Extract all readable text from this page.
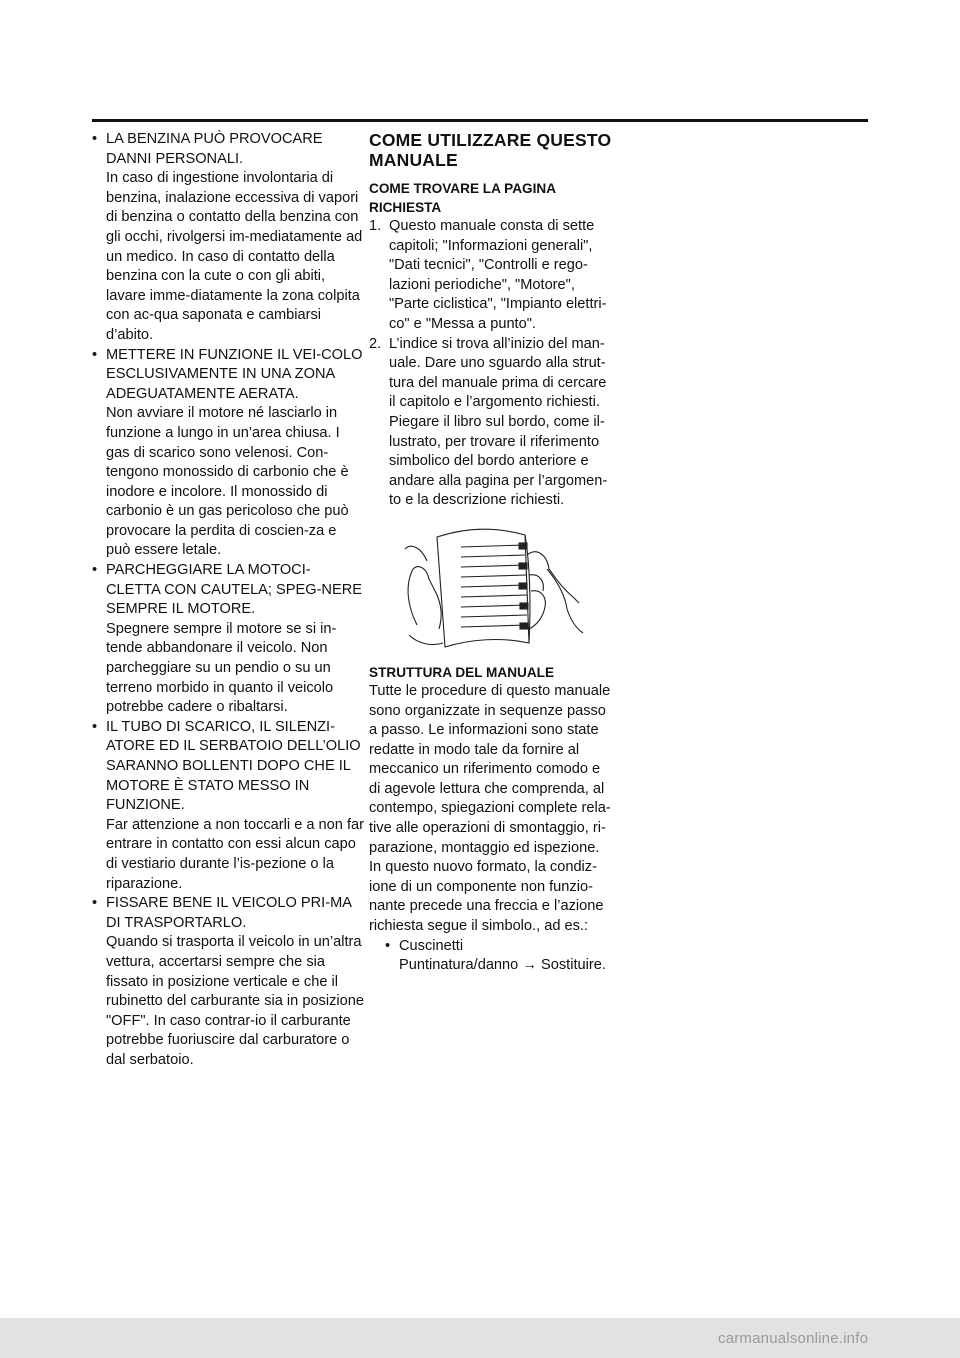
• LA BENZINA PUÒ PROVOCARE DANNI PERSONALI.
In caso di ingestione involontaria di benzina, inalazione eccessiva di vapori di benzina o contatto della benzina con gli occhi, rivolgersi im-mediatamente ad un medico. In caso di contatto della benzina con la cute o con gli abiti, lavare imme-diatamente la zona colpita con ac-qua saponata e cambiarsi d’abito.
• METTERE IN FUNZIONE IL VEI-COLO ESCLUSIVAMENTE IN UNA ZONA ADEGUATAMENTE AERATA.
Non avviare il motore né lasciarlo in funzione a lungo in un’area chiusa. I gas di scarico sono velenosi. Con-tengono monossido di carbonio che è inodore e incolore. Il monossido di carbonio è un gas pericoloso che può provocare la perdita di coscien-za e può essere letale.
• PARCHEGGIARE LA MOTOCI-CLETTA CON CAUTELA; SPEG-NERE SEMPRE IL MOTORE.
Spegnere sempre il motore se si in-tende abbandonare il veicolo. Non parcheggiare su un pendio o su un terreno morbido in quanto il veicolo potrebbe cadere o ribaltarsi.
• IL TUBO DI SCARICO, IL SILENZI-ATORE ED IL SERBATOIO DELL’OLIO SARANNO BOLLENTI DOPO CHE IL MOTORE È STATO MESSO IN FUNZIONE.
Far attenzione a non toccarli e a non far entrare in contatto con essi alcun capo di vestiario durante l’is-pezione o la riparazione.
• FISSARE BENE IL VEICOLO PRI-MA DI TRASPORTARLO.
Quando si trasporta il veicolo in un’altra vettura, accertarsi sempre che sia fissato in posizione verticale e che il rubinetto del carburante sia in posizione "OFF". In caso contrar-io il carburante potrebbe fuoriuscire dal carburatore o dal serbatoio.
COME UTILIZZARE QUESTO MANUALE
COME TROVARE LA PAGINA RICHIESTA
1. Questo manuale consta di sette capitoli; "Informazioni generali", "Dati tecnici", "Controlli e rego-lazioni periodiche", "Motore", "Parte ciclistica", "Impianto elettri-co" e "Messa a punto".
2. L’indice si trova all’inizio del man-uale. Dare uno sguardo alla strut-tura del manuale prima di cercare il capitolo e l’argomento richiesti. Piegare il libro sul bordo, come il-lustrato, per trovare il riferimento simbolico del bordo anteriore e andare alla pagina per l’argomen-to e la descrizione richiesti.
STRUTTURA DEL MANUALE
Tutte le procedure di questo manuale sono organizzate in sequenze passo a passo. Le informazioni sono state redatte in modo tale da fornire al meccanico un riferimento comodo e di agevole lettura che comprenda, al contempo, spiegazioni complete rela-tive alle operazioni di smontaggio, ri-parazione, montaggio ed ispezione. In questo nuovo formato, la condiz-ione di un componente non funzio-nante precede una freccia e l’azione richiesta segue il simbolo., ad es.:
• Cuscinetti
Puntinatura/danno → Sostituire.
carmanualsonline.info
